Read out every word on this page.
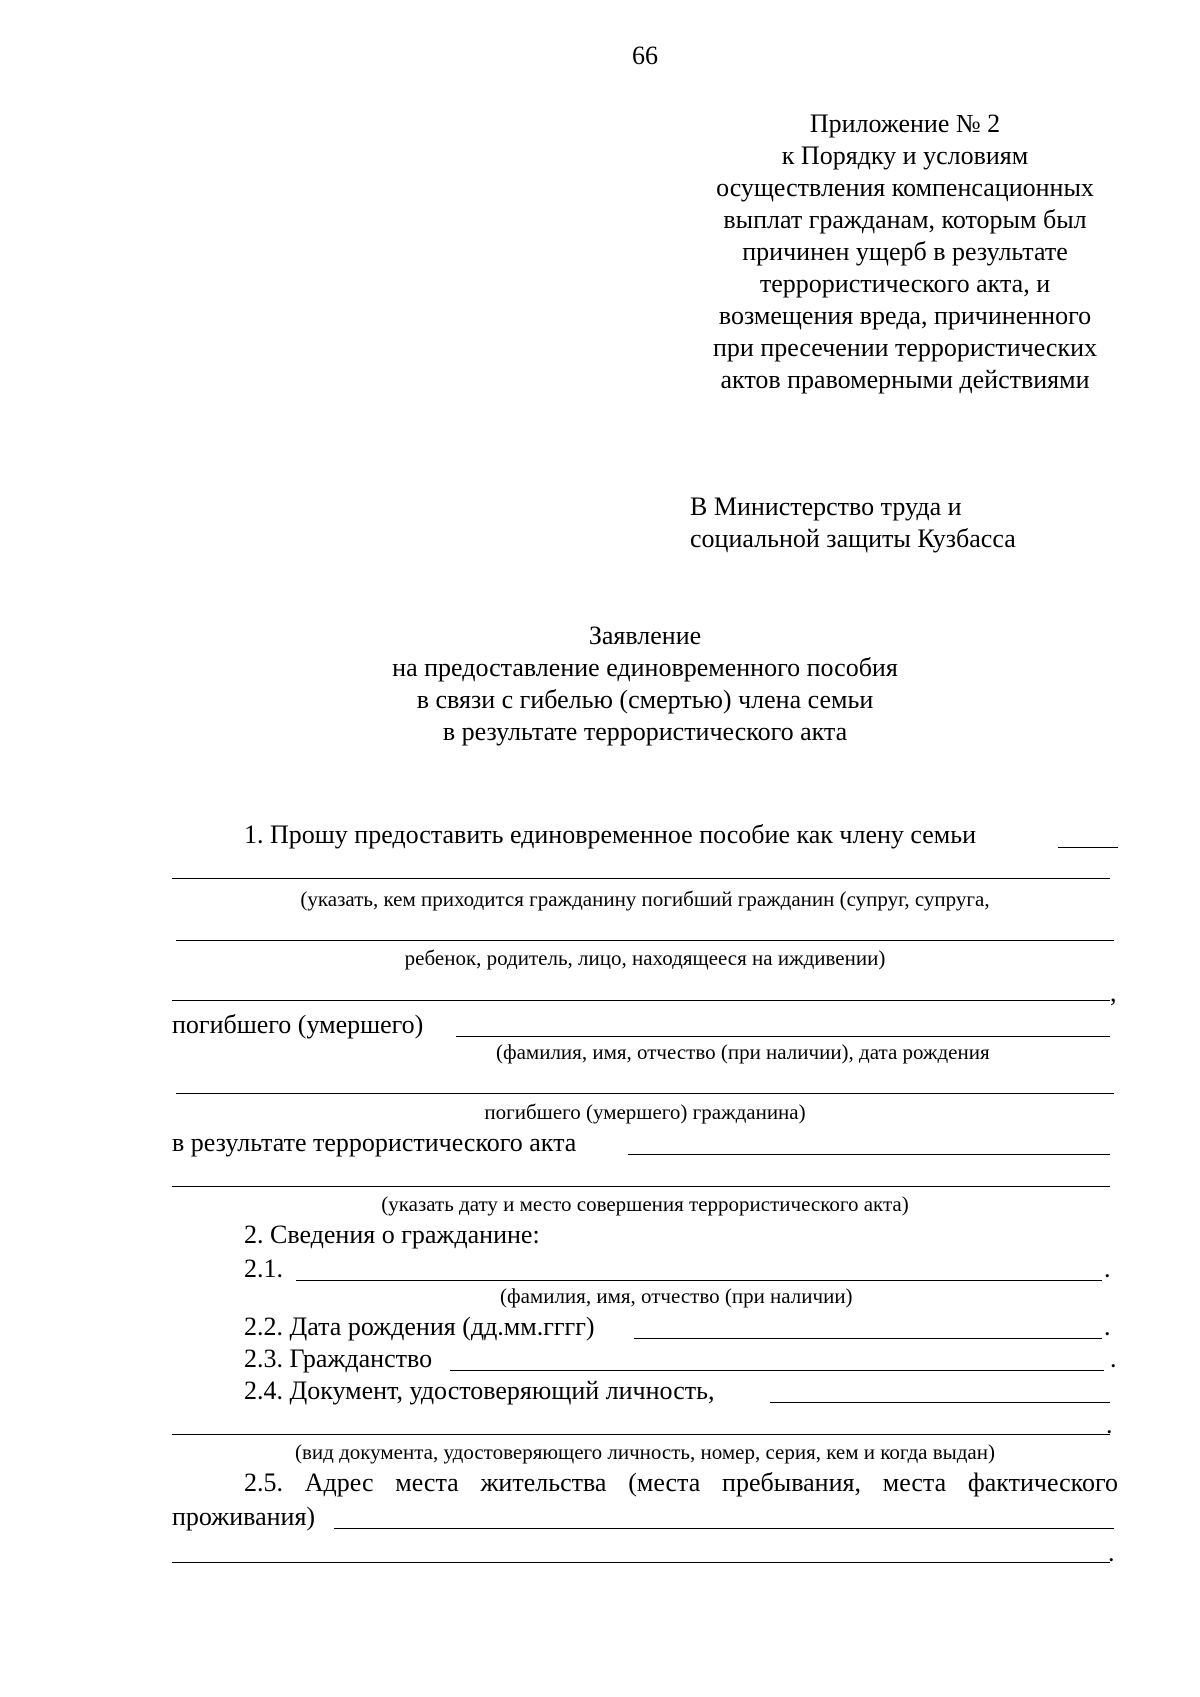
66
Приложение № 2
к Порядку и условиям
осуществления компенсационных
выплат гражданам, которым был
причинен ущерб в результате
террористического акта, и
возмещения вреда, причиненного
при пресечении террористических
актов правомерными действиями
В Министерство труда и
социальной защиты Кузбасса
Заявление
на предоставление единовременного пособия
в связи с гибелью (смертью) члена семьи
в результате террористического акта
1. Прошу предоставить единовременное пособие как члену семьи
(указать, кем приходится гражданину погибший гражданин (супруг, супруга,
ребенок, родитель, лицо, находящееся на иждивении)
,
погибшего (умершего)
(фамилия, имя, отчество (при наличии), дата рождения
погибшего (умершего) гражданина)
в результате террористического акта
(указать дату и место совершения террористического акта)
2. Сведения о гражданине:
2.1.	.
(фамилия, имя, отчество (при наличии)
2.2. Дата рождения (дд.мм.гггг)	.
2.3. Гражданство	.
2.4. Документ, удостоверяющий личность,
.
(вид документа, удостоверяющего личность, номер, серия, кем и когда выдан)
2.5. Адрес места жительства (места пребывания, места фактического
проживания)
.
